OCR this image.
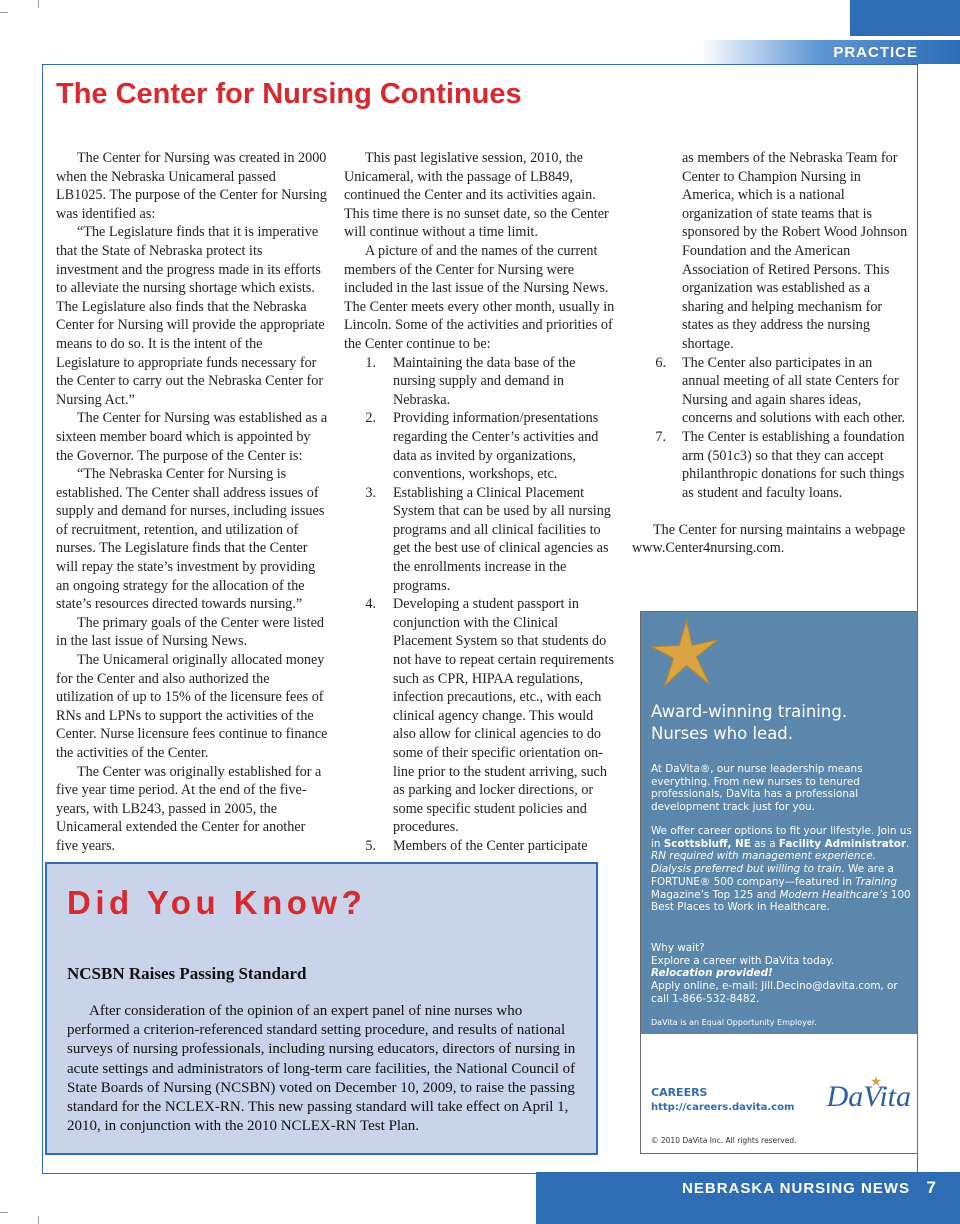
PRACTICE
The Center for Nursing Continues

The Center for Nursing was created in 2000 when the Nebraska Unicameral passed LB1025. The purpose of the Center for Nursing was identified as:

“The Legislature finds that it is imperative that the State of Nebraska protect its investment and the progress made in its efforts to alleviate the nursing shortage which exists. The Legislature also finds that the Nebraska Center for Nursing will provide the appropriate means to do so. It is the intent of the Legislature to appropriate funds necessary for the Center to carry out the Nebraska Center for Nursing Act.”

The Center for Nursing was established as a sixteen member board which is appointed by the Governor. The purpose of the Center is:

“The Nebraska Center for Nursing is established. The Center shall address issues of supply and demand for nurses, including issues of recruitment, retention, and utilization of nurses. The Legislature finds that the Center will repay the state’s investment by providing an ongoing strategy for the allocation of the state’s resources directed towards nursing.”

The primary goals of the Center were listed in the last issue of Nursing News.

The Unicameral originally allocated money for the Center and also authorized the utilization of up to 15% of the licensure fees of RNs and LPNs to support the activities of the Center. Nurse licensure fees continue to finance the activities of the Center.

The Center was originally established for a five year time period. At the end of the five-years, with LB243, passed in 2005, the Unicameral extended the Center for another five years.

This past legislative session, 2010, the Unicameral, with the passage of LB849, continued the Center and its activities again. This time there is no sunset date, so the Center will continue without a time limit.

A picture of and the names of the current members of the Center for Nursing were included in the last issue of the Nursing News. The Center meets every other month, usually in Lincoln. Some of the activities and priorities of the Center continue to be:

1. Maintaining the data base of the nursing supply and demand in Nebraska.
2. Providing information/presentations regarding the Center’s activities and data as invited by organizations, conventions, workshops, etc.
3. Establishing a Clinical Placement System that can be used by all nursing programs and all clinical facilities to get the best use of clinical agencies as the enrollments increase in the programs.
4. Developing a student passport in conjunction with the Clinical Placement System so that students do not have to repeat certain requirements such as CPR, HIPAA regulations, infection precautions, etc., with each clinical agency change. This would also allow for clinical agencies to do some of their specific orientation on-line prior to the student arriving, such as parking and locker directions, or some specific student policies and procedures.
5. Members of the Center participate

as members of the Nebraska Team for Center to Champion Nursing in America, which is a national organization of state teams that is sponsored by the Robert Wood Johnson Foundation and the American Association of Retired Persons. This organization was established as a sharing and helping mechanism for states as they address the nursing shortage.

6. The Center also participates in an annual meeting of all state Centers for Nursing and again shares ideas, concerns and solutions with each other.
7. The Center is establishing a foundation arm (501c3) so that they can accept philanthropic donations for such things as student and faculty loans.

The Center for nursing maintains a webpage www.Center4nursing.com.

Did You Know?
NCSBN Raises Passing Standard

After consideration of the opinion of an expert panel of nine nurses who performed a criterion-referenced standard setting procedure, and results of national surveys of nursing professionals, including nursing educators, directors of nursing in acute settings and administrators of long-term care facilities, the National Council of State Boards of Nursing (NCSBN) voted on December 10, 2009, to raise the passing standard for the NCLEX-RN. This new passing standard will take effect on April 1, 2010, in conjunction with the 2010 NCLEX-RN Test Plan.

Award-winning training.
Nurses who lead.

At DaVita®, our nurse leadership means everything. From new nurses to tenured professionals, DaVita has a professional development track just for you.

We offer career options to fit your lifestyle. Join us in Scottsbluff, NE as a Facility Administrator. RN required with management experience. Dialysis preferred but willing to train. We are a FORTUNE® 500 company—featured in Training Magazine’s Top 125 and Modern Healthcare’s 100 Best Places to Work in Healthcare.

Why wait?
Explore a career with DaVita today.
Relocation provided!
Apply online, e-mail: Jill.Decino@davita.com, or call 1-866-532-8482.

DaVita is an Equal Opportunity Employer.

CAREERS
http://careers.davita.com DaVita
© 2010 DaVita Inc. All rights reserved.
NEBRASKA NURSING NEWS 7
